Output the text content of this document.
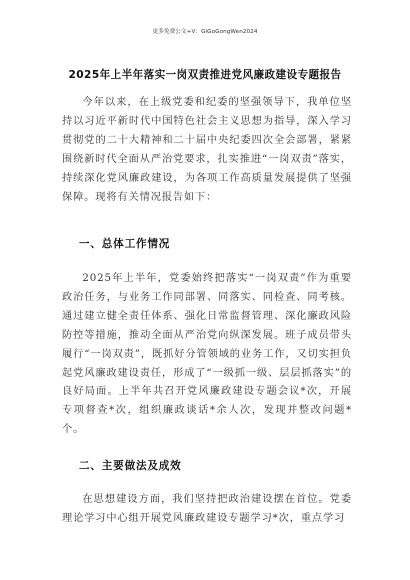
更多免费公文+V：GiGoGongWen2024
2025年上半年落实一岗双责推进党风廉政建设专题报告

今年以来，在上级党委和纪委的坚强领导下，我单位坚持以习近平新时代中国特色社会主义思想为指导，深入学习贯彻党的二十大精神和二十届中央纪委四次全会部署，紧紧围绕新时代全面从严治党要求，扎实推进“一岗双责”落实，持续深化党风廉政建设，为各项工作高质量发展提供了坚强保障。现将有关情况报告如下：

一、总体工作情况

2025年上半年，党委始终把落实“一岗双责”作为重要政治任务，与业务工作同部署、同落实、同检查、同考核。通过建立健全责任体系、强化日常监督管理、深化廉政风险防控等措施，推动全面从严治党向纵深发展。班子成员带头履行“一岗双责”，既抓好分管领域的业务工作，又切实担负起党风廉政建设责任，形成了“一级抓一级、层层抓落实”的良好局面。上半年共召开党风廉政建设专题会议*次，开展专项督查*次，组织廉政谈话*余人次，发现并整改问题*个。

二、主要做法及成效

在思想建设方面，我们坚持把政治建设摆在首位。党委理论学习中心组开展党风廉政建设专题学习*次，重点学习
